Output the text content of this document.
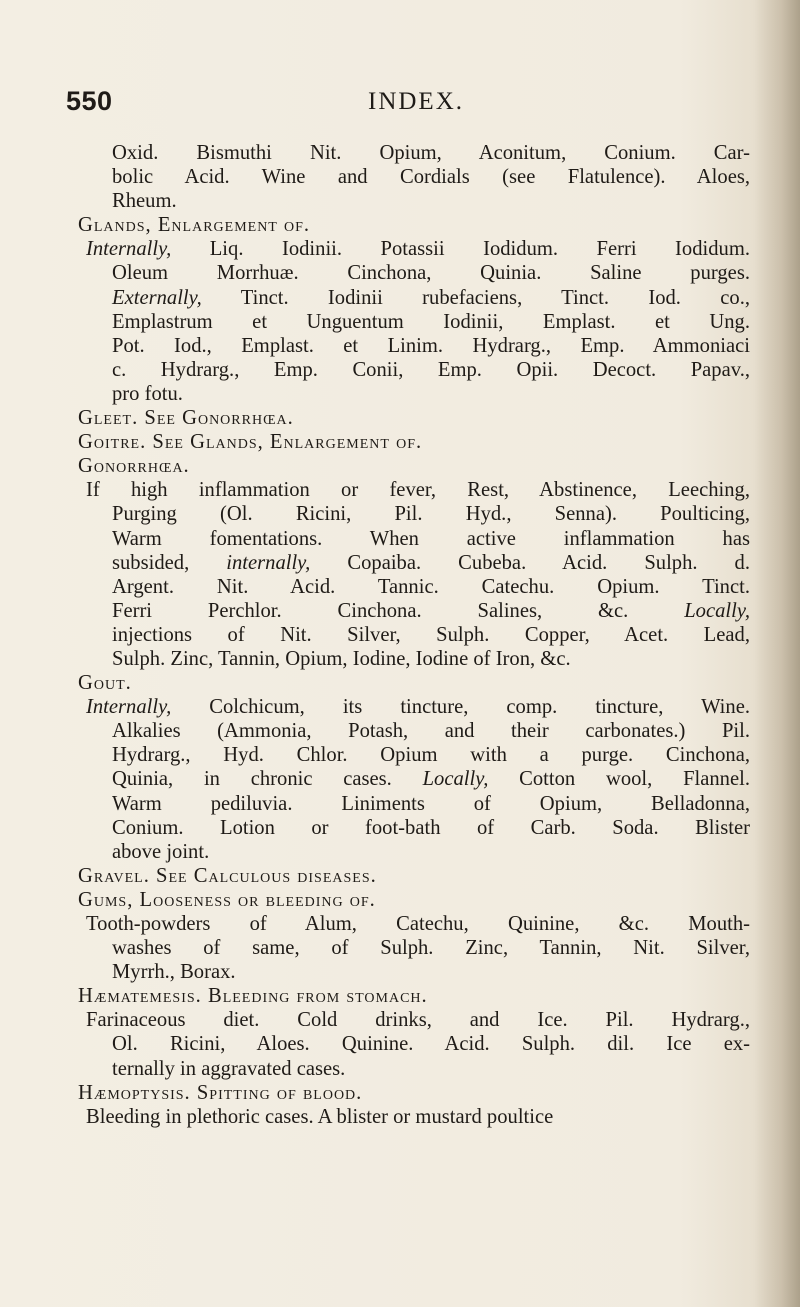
550	INDEX.
Oxid. Bismuthi Nit. Opium, Aconitum, Conium. Car-
bolic Acid. Wine and Cordials (see Flatulence). Aloes,
Rheum.
Glands, Enlargement of.
Internally, Liq. Iodinii. Potassii Iodidum. Ferri Iodidum.
Oleum Morrhuæ. Cinchona, Quinia. Saline purges.
Externally, Tinct. Iodinii rubefaciens, Tinct. Iod. co.,
Emplastrum et Unguentum Iodinii, Emplast. et Ung.
Pot. Iod., Emplast. et Linim. Hydrarg., Emp. Ammoniaci
c. Hydrarg., Emp. Conii, Emp. Opii. Decoct. Papav.,
pro fotu.
Gleet. See Gonorrhœa.
Goitre. See Glands, Enlargement of.
Gonorrhœa.
If high inflammation or fever, Rest, Abstinence, Leeching,
Purging (Ol. Ricini, Pil. Hyd., Senna). Poulticing,
Warm fomentations. When active inflammation has
subsided, internally, Copaiba. Cubeba. Acid. Sulph. d.
Argent. Nit. Acid. Tannic. Catechu. Opium. Tinct.
Ferri Perchlor. Cinchona. Salines, &c. Locally,
injections of Nit. Silver, Sulph. Copper, Acet. Lead,
Sulph. Zinc, Tannin, Opium, Iodine, Iodine of Iron, &c.
Gout.
Internally, Colchicum, its tincture, comp. tincture, Wine.
Alkalies (Ammonia, Potash, and their carbonates.) Pil.
Hydrarg., Hyd. Chlor. Opium with a purge. Cinchona,
Quinia, in chronic cases. Locally, Cotton wool, Flannel.
Warm pediluvia. Liniments of Opium, Belladonna,
Conium. Lotion or foot-bath of Carb. Soda. Blister
above joint.
Gravel. See Calculous diseases.
Gums, Looseness or bleeding of.
Tooth-powders of Alum, Catechu, Quinine, &c. Mouth-
washes of same, of Sulph. Zinc, Tannin, Nit. Silver,
Myrrh., Borax.
Hæmatemesis. Bleeding from stomach.
Farinaceous diet. Cold drinks, and Ice. Pil. Hydrarg.,
Ol. Ricini, Aloes. Quinine. Acid. Sulph. dil. Ice ex-
ternally in aggravated cases.
Hæmoptysis. Spitting of blood.
Bleeding in plethoric cases. A blister or mustard poultice
